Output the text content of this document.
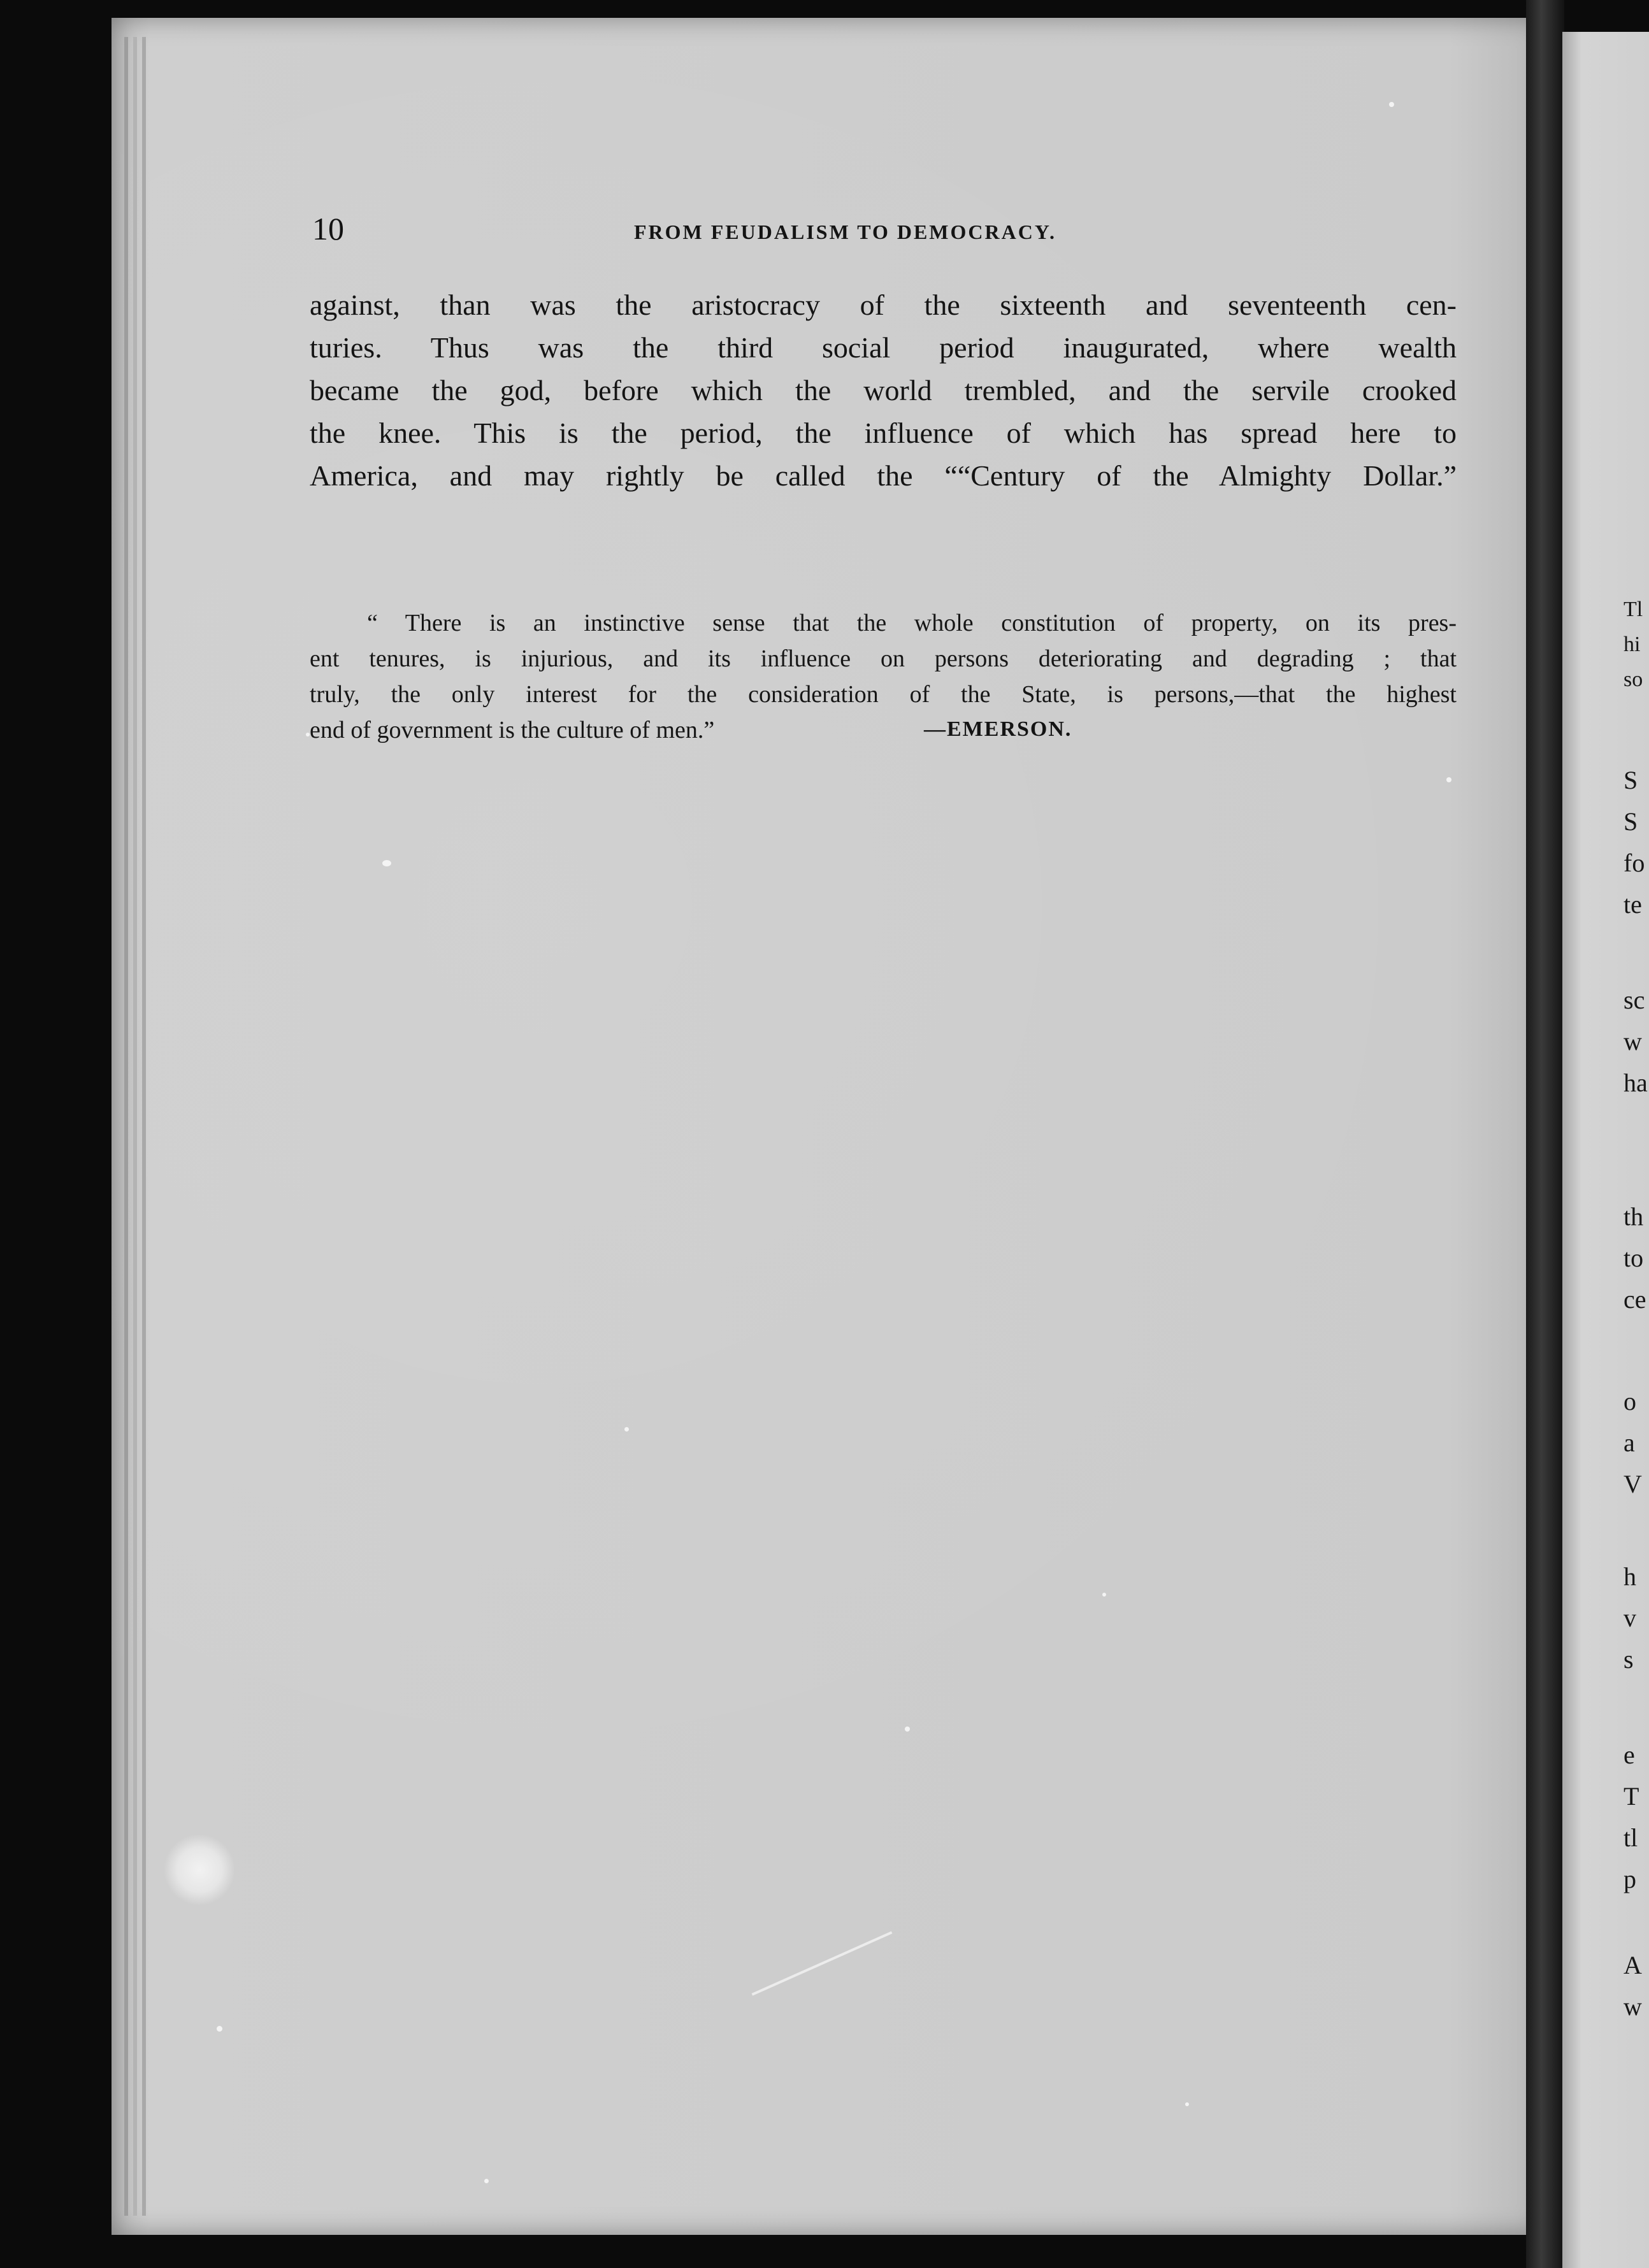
Tl
hi
so
S
S
fo
te
sc
w
ha
th
to
ce
o
a
V
h
v
s
e
T
tl
p
A
w
10	FROM FEUDALISM TO DEMOCRACY.
against, than was the aristocracy of the sixteenth and seventeenth cen-
turies. Thus was the third social period inaugurated, where wealth
became the god, before which the world trembled, and the servile crooked
the knee. This is the period, the influence of which has spread here to
America, and may rightly be called the ““Century of the Almighty Dollar.”
“ There is an instinctive sense that the whole constitution of property, on its pres-
ent tenures, is injurious, and its influence on persons deteriorating and degrading ; that
truly, the only interest for the consideration of the State, is persons,—that the highest
end of government is the culture of men.”	—EMERSON.
